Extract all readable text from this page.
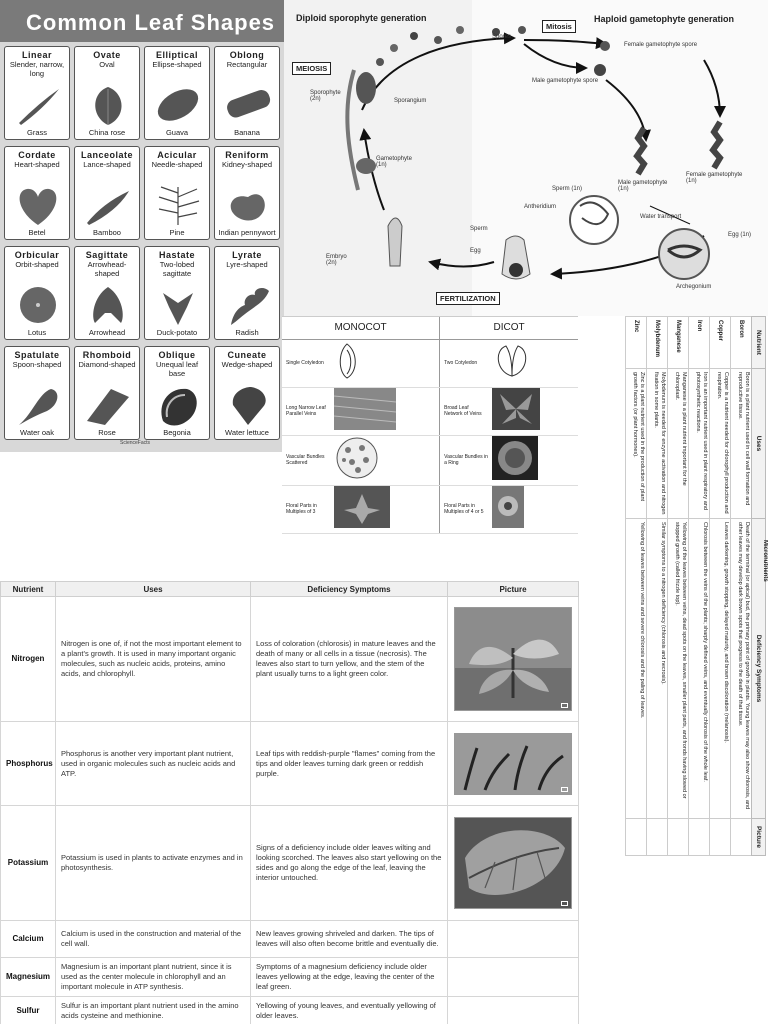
Common Leaf Shapes
Linear
Slender, narrow, long
Grass
Ovate
Oval
China rose
Elliptical
Ellipse-shaped
Guava
Oblong
Rectangular
Banana
Cordate
Heart-shaped
Betel
Lanceolate
Lance-shaped
Bamboo
Acicular
Needle-shaped
Pine
Reniform
Kidney-shaped
Indian pennywort
Orbicular
Orbit-shaped
Lotus
Sagittate
Arrowhead-shaped
Arrowhead
Hastate
Two-lobed sagittate
Duck-potato
Lyrate
Lyre-shaped
Radish
Spatulate
Spoon-shaped
Water oak
Rhomboid
Diamond-shaped
Rose
Oblique
Unequal leaf base
Begonia
Cuneate
Wedge-shaped
Water lettuce
ScienceFacts
Diploid sporophyte generation	Haploid gametophyte generation
MEIOSIS
Mitosis
FERTILIZATION
Spores
Female gametophyte spore
Male gametophyte spore
Sporophyte (2n)	Sporangium
Gametophyte (1n)
Male gametophyte (1n)
Female gametophyte (1n)
Sperm (1n)
Antheridium
Water transport
Egg (1n)
Archegonium
Sperm
Egg
Embryo (2n)
MONOCOT	DICOT
Single Cotyledon	Two Cotyledon
Long Narrow Leaf Parallel Veins	Broad Leaf Network of Veins
Vascular Bundles Scattered	Vascular Bundles in a Ring
Floral Parts in Multiples of 3	Floral Parts in Multiples of 4 or 5
Nutrient	Uses	Deficiency Symptoms	Picture
Boron	Boron is a plant nutrient used in cell wall formation and reproductive tissue.	Death of the terminal (or apical) bud, the primary point of growth in plants. Young leaves may also show chlorosis, and other leaves may develop dark brown spots that progress to the death of that tissue.	
Copper	Copper is a nutrient needed for chlorophyll production and respiration.	Leaves darkening, growth stopping, delayed maturity, and brown discoloration (melanosis).	
Iron	Iron is an important nutrient used in plant respiratory and photosynthetic reactions.	Chlorosis between the veins of the plants; sharply defined veins, and eventually chlorosis of the whole leaf.	
Manganese	Manganese is a plant nutrient important for the chloroplast.	Yellowing of the leaves between veins, dead spots on the leaves, smaller plant parts, and fronds having slowed or stopped growth (called frizzle top).	
Molybdenum	Molybdenum is needed for enzyme activation and nitrogen fixation in some plants.	Similar symptoms to a nitrogen deficiency (chlorosis and necrosis).	
Zinc	Zinc is a plant nutrient used in the production of plant growth factors (or plant hormones).	Yellowing of leaves between veins and severe chlorosis and the paling of leaves.		Micronutrients
Nutrient	Uses	Deficiency Symptoms	Picture
Nitrogen	Nitrogen is one of, if not the most important element to a plant's growth. It is used in many important organic molecules, such as nucleic acids, proteins, amino acids, and chlorophyll.	Loss of coloration (chlorosis) in mature leaves and the death of many or all cells in a tissue (necrosis). The leaves also start to turn yellow, and the stem of the plant usually turns to a light green color.	

Phosphorus	Phosphorus is another very important plant nutrient, used in organic molecules such as nucleic acids and ATP.	Leaf tips with reddish-purple "flames" coming from the tips and older leaves turning dark green or reddish purple.	

Potassium	Potassium is used in plants to activate enzymes and in photosynthesis.	Signs of a deficiency include older leaves wilting and looking scorched. The leaves also start yellowing on the sides and go along the edge of the leaf, leaving the interior untouched.	

Calcium	Calcium is used in the construction and material of the cell wall.	New leaves growing shriveled and darken. The tips of leaves will also often become brittle and eventually die.	
Magnesium	Magnesium is an important plant nutrient, since it is used as the center molecule in chlorophyll and an important molecule in ATP synthesis.	Symptoms of a magnesium deficiency include older leaves yellowing at the edge, leaving the center of the leaf green.	
Sulfur	Sulfur is an important plant nutrient used in the amino acids cysteine and methionine.	Yellowing of young leaves, and eventually yellowing of older leaves.	
